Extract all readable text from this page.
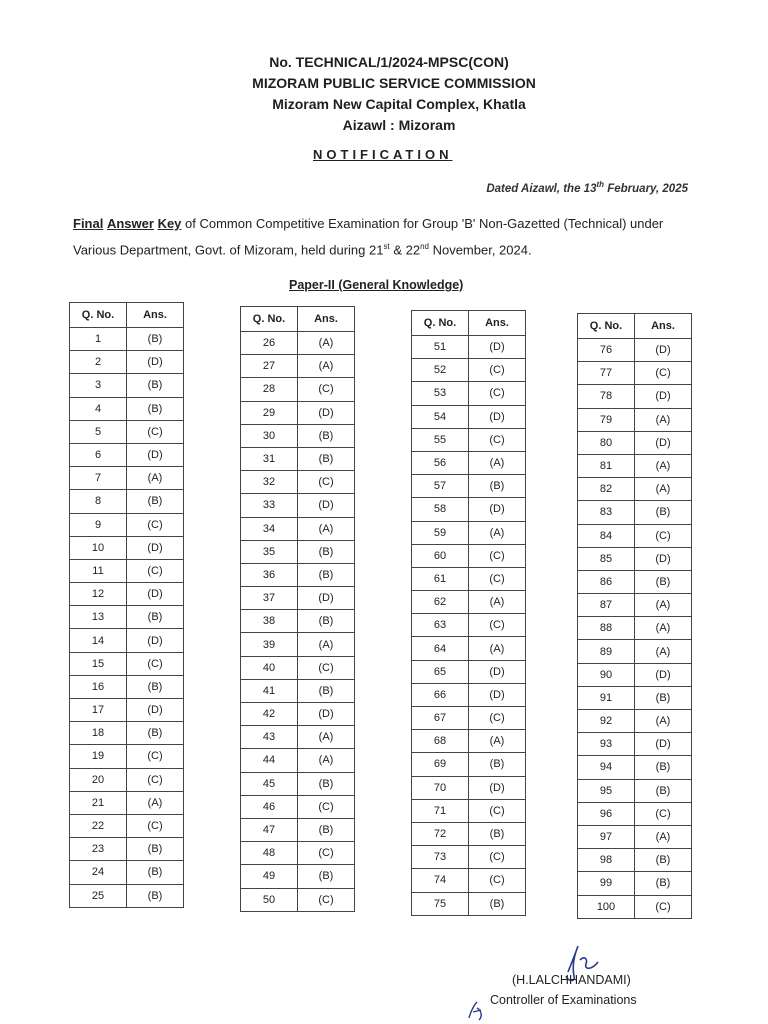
No. TECHNICAL/1/2024-MPSC(CON)
MIZORAM PUBLIC SERVICE COMMISSION
Mizoram New Capital Complex, Khatla
Aizawl : Mizoram
NOTIFICATION
Dated Aizawl, the 13th February, 2025
Final Answer Key of Common Competitive Examination for Group 'B' Non-Gazetted (Technical) under Various Department, Govt. of Mizoram, held during 21st & 22nd November, 2024.
Paper-II (General Knowledge)
Q. No.	Ans.
1	(B)
2	(D)
3	(B)
4	(B)
5	(C)
6	(D)
7	(A)
8	(B)
9	(C)
10	(D)
11	(C)
12	(D)
13	(B)
14	(D)
15	(C)
16	(B)
17	(D)
18	(B)
19	(C)
20	(C)
21	(A)
22	(C)
23	(B)
24	(B)
25	(B)
Q. No.	Ans.
26	(A)
27	(A)
28	(C)
29	(D)
30	(B)
31	(B)
32	(C)
33	(D)
34	(A)
35	(B)
36	(B)
37	(D)
38	(B)
39	(A)
40	(C)
41	(B)
42	(D)
43	(A)
44	(A)
45	(B)
46	(C)
47	(B)
48	(C)
49	(B)
50	(C)
Q. No.	Ans.
51	(D)
52	(C)
53	(C)
54	(D)
55	(C)
56	(A)
57	(B)
58	(D)
59	(A)
60	(C)
61	(C)
62	(A)
63	(C)
64	(A)
65	(D)
66	(D)
67	(C)
68	(A)
69	(B)
70	(D)
71	(C)
72	(B)
73	(C)
74	(C)
75	(B)
Q. No.	Ans.
76	(D)
77	(C)
78	(D)
79	(A)
80	(D)
81	(A)
82	(A)
83	(B)
84	(C)
85	(D)
86	(B)
87	(A)
88	(A)
89	(A)
90	(D)
91	(B)
92	(A)
93	(D)
94	(B)
95	(B)
96	(C)
97	(A)
98	(B)
99	(B)
100	(C)
(H.LALCHHANDAMI)
Controller of Examinations
